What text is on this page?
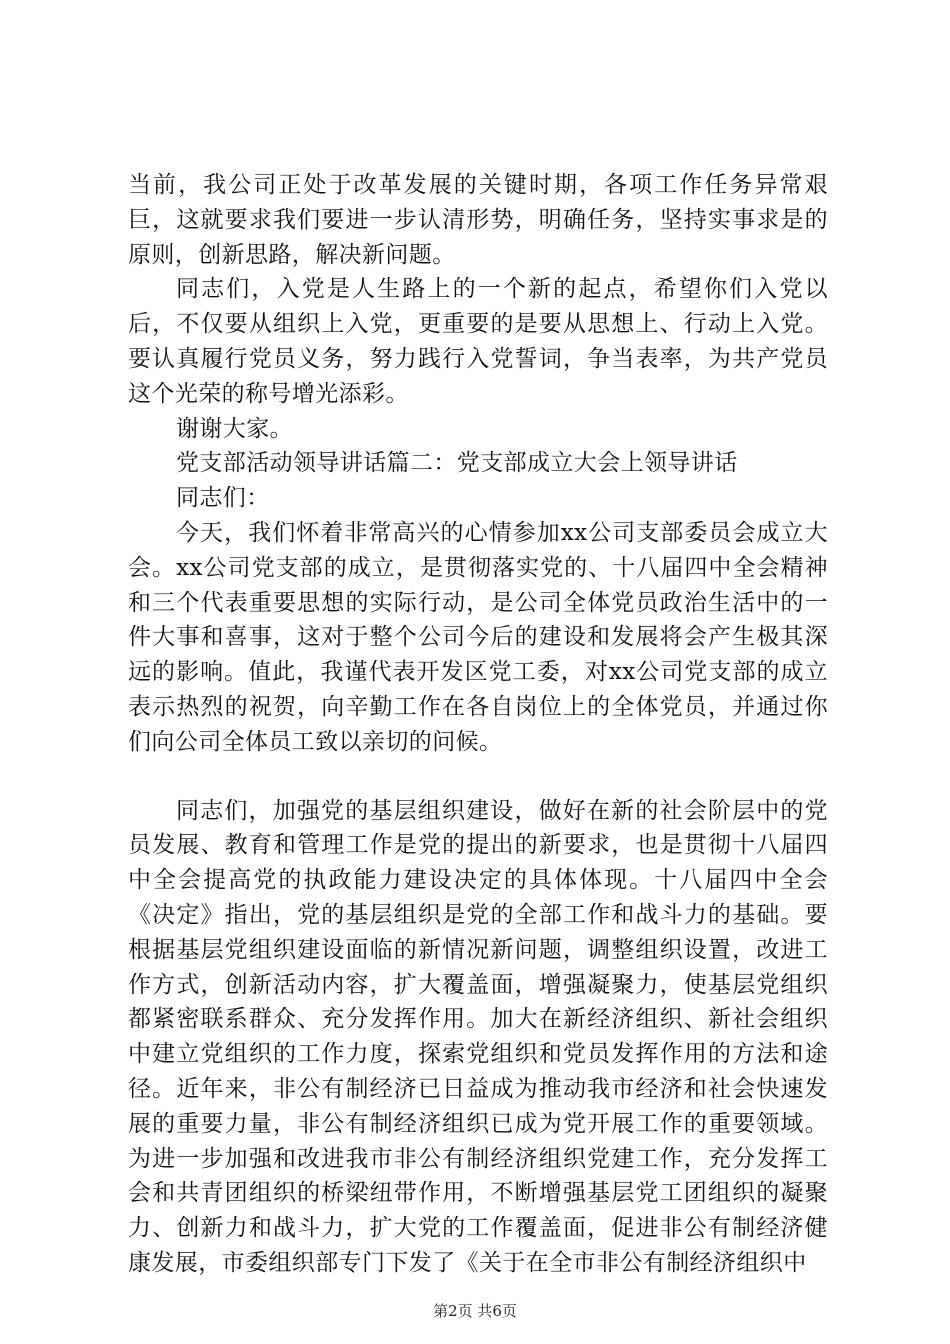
当前，我公司正处于改革发展的关键时期，各项工作任务异常艰巨，这就要求我们要进一步认清形势，明确任务，坚持实事求是的原则，创新思路，解决新问题。

同志们，入党是人生路上的一个新的起点，希望你们入党以后，不仅要从组织上入党，更重要的是要从思想上、行动上入党。要认真履行党员义务，努力践行入党誓词，争当表率，为共产党员这个光荣的称号增光添彩。

谢谢大家。

党支部活动领导讲话篇二：党支部成立大会上领导讲话

同志们：

今天，我们怀着非常高兴的心情参加xx公司支部委员会成立大会。xx公司党支部的成立，是贯彻落实党的、十八届四中全会精神和三个代表重要思想的实际行动，是公司全体党员政治生活中的一件大事和喜事，这对于整个公司今后的建设和发展将会产生极其深远的影响。值此，我谨代表开发区党工委，对xx公司党支部的成立表示热烈的祝贺，向辛勤工作在各自岗位上的全体党员，并通过你们向公司全体员工致以亲切的问候。

同志们，加强党的基层组织建设，做好在新的社会阶层中的党员发展、教育和管理工作是党的提出的新要求，也是贯彻十八届四中全会提高党的执政能力建设决定的具体体现。十八届四中全会《决定》指出，党的基层组织是党的全部工作和战斗力的基础。要根据基层党组织建设面临的新情况新问题，调整组织设置，改进工作方式，创新活动内容，扩大覆盖面，增强凝聚力，使基层党组织都紧密联系群众、充分发挥作用。加大在新经济组织、新社会组织中建立党组织的工作力度，探索党组织和党员发挥作用的方法和途径。近年来，非公有制经济已日益成为推动我市经济和社会快速发展的重要力量，非公有制经济组织已成为党开展工作的重要领域。为进一步加强和改进我市非公有制经济组织党建工作，充分发挥工会和共青团组织的桥梁纽带作用，不断增强基层党工团组织的凝聚力、创新力和战斗力，扩大党的工作覆盖面，促进非公有制经济健康发展，市委组织部专门下发了《关于在全市非公有制经济组织中

第2页 共6页
